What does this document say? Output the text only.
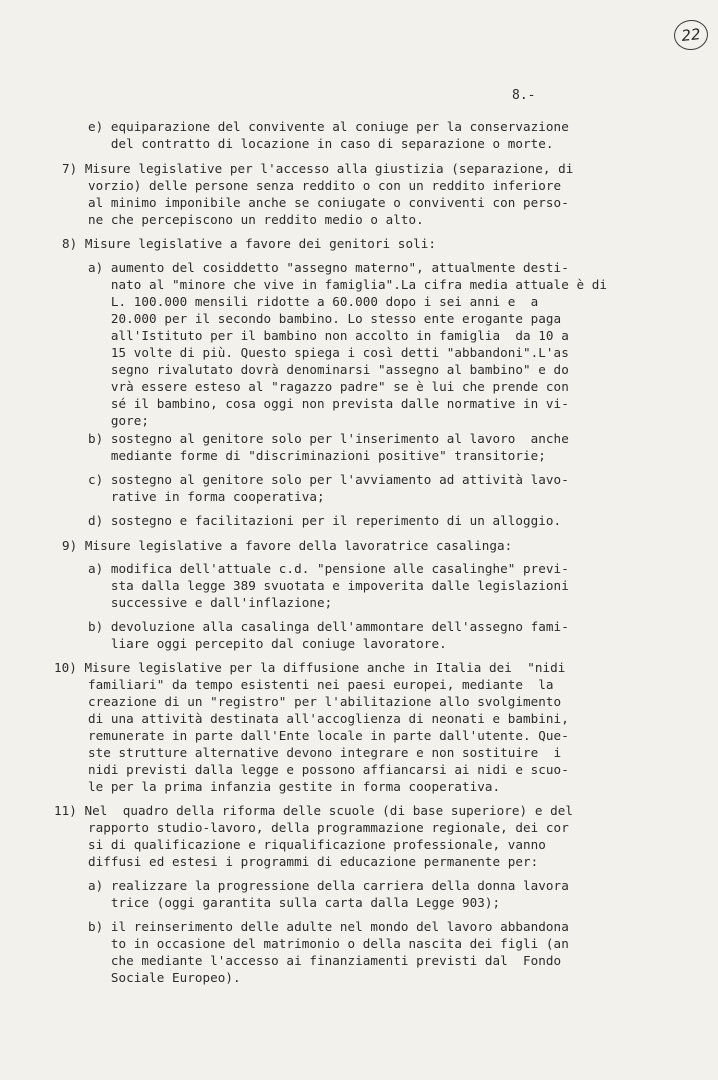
22
8.-
e) equiparazione del convivente al coniuge per la conservazione
del contratto di locazione in caso di separazione o morte.
7) Misure legislative per l'accesso alla giustizia (separazione, di
vorzio) delle persone senza reddito o con un reddito inferiore
al minimo imponibile anche se coniugate o conviventi con perso-
ne che percepiscono un reddito medio o alto.
8) Misure legislative a favore dei genitori soli:
a) aumento del cosiddetto "assegno materno", attualmente desti-
nato al "minore che vive in famiglia".La cifra media attuale è di
L. 100.000 mensili ridotte a 60.000 dopo i sei anni e  a
20.000 per il secondo bambino. Lo stesso ente erogante paga
all'Istituto per il bambino non accolto in famiglia  da 10 a
15 volte di più. Questo spiega i così detti "abbandoni".L'as
segno rivalutato dovrà denominarsi "assegno al bambino" e do
vrà essere esteso al "ragazzo padre" se è lui che prende con
sé il bambino, cosa oggi non prevista dalle normative in vi-
gore;
b) sostegno al genitore solo per l'inserimento al lavoro  anche
mediante forme di "discriminazioni positive" transitorie;
c) sostegno al genitore solo per l'avviamento ad attività lavo-
rative in forma cooperativa;
d) sostegno e facilitazioni per il reperimento di un alloggio.
9) Misure legislative a favore della lavoratrice casalinga:
a) modifica dell'attuale c.d. "pensione alle casalinghe" previ-
sta dalla legge 389 svuotata e impoverita dalle legislazioni
successive e dall'inflazione;
b) devoluzione alla casalinga dell'ammontare dell'assegno fami-
liare oggi percepito dal coniuge lavoratore.
10) Misure legislative per la diffusione anche in Italia dei  "nidi
familiari" da tempo esistenti nei paesi europei, mediante  la
creazione di un "registro" per l'abilitazione allo svolgimento
di una attività destinata all'accoglienza di neonati e bambini,
remunerate in parte dall'Ente locale in parte dall'utente. Que-
ste strutture alternative devono integrare e non sostituire  i
nidi previsti dalla legge e possono affiancarsi ai nidi e scuo-
le per la prima infanzia gestite in forma cooperativa.
11) Nel  quadro della riforma delle scuole (di base superiore) e del
rapporto studio-lavoro, della programmazione regionale, dei cor
si di qualificazione e riqualificazione professionale, vanno
diffusi ed estesi i programmi di educazione permanente per:
a) realizzare la progressione della carriera della donna lavora
trice (oggi garantita sulla carta dalla Legge 903);
b) il reinserimento delle adulte nel mondo del lavoro abbandona
to in occasione del matrimonio o della nascita dei figli (an
che mediante l'accesso ai finanziamenti previsti dal  Fondo
Sociale Europeo).
